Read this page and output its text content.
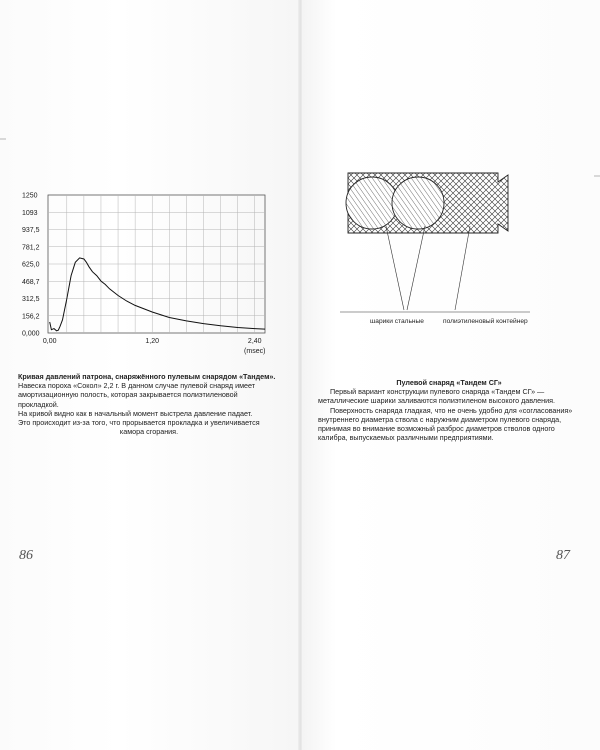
1250
1093
937,5
781,2
625,0
468,7
312,5
156,2
0,000
0,00	1,20	2,40
(msec)
Кривая давлений патрона, снаряжённого пулевым снарядом «Тандем».
Навеска пороха «Сокол» 2,2 г. В данном случае пулевой снаряд имеет
амортизационную полость, которая закрывается полиэтиленовой прокладкой.
На кривой видно как в начальный момент выстрела давление падает.
Это происходит из-за того, что прорывается прокладка и увеличивается
камора сгорания.
шарики стальные	полиэтиленовый контейнер
Пулевой снаряд «Тандем СГ»
Первый вариант конструкции пулевого снаряда «Тандем СГ» —
металлические шарики заливаются полиэтиленом высокого давления.
Поверхность снаряда гладкая, что не очень удобно для «согласования»
внутреннего диаметра ствола с наружним диаметром пулевого снаряда,
принимая во внимание возможный разброс диаметров стволов одного
калибра, выпускаемых различными предприятиями.
86	87
